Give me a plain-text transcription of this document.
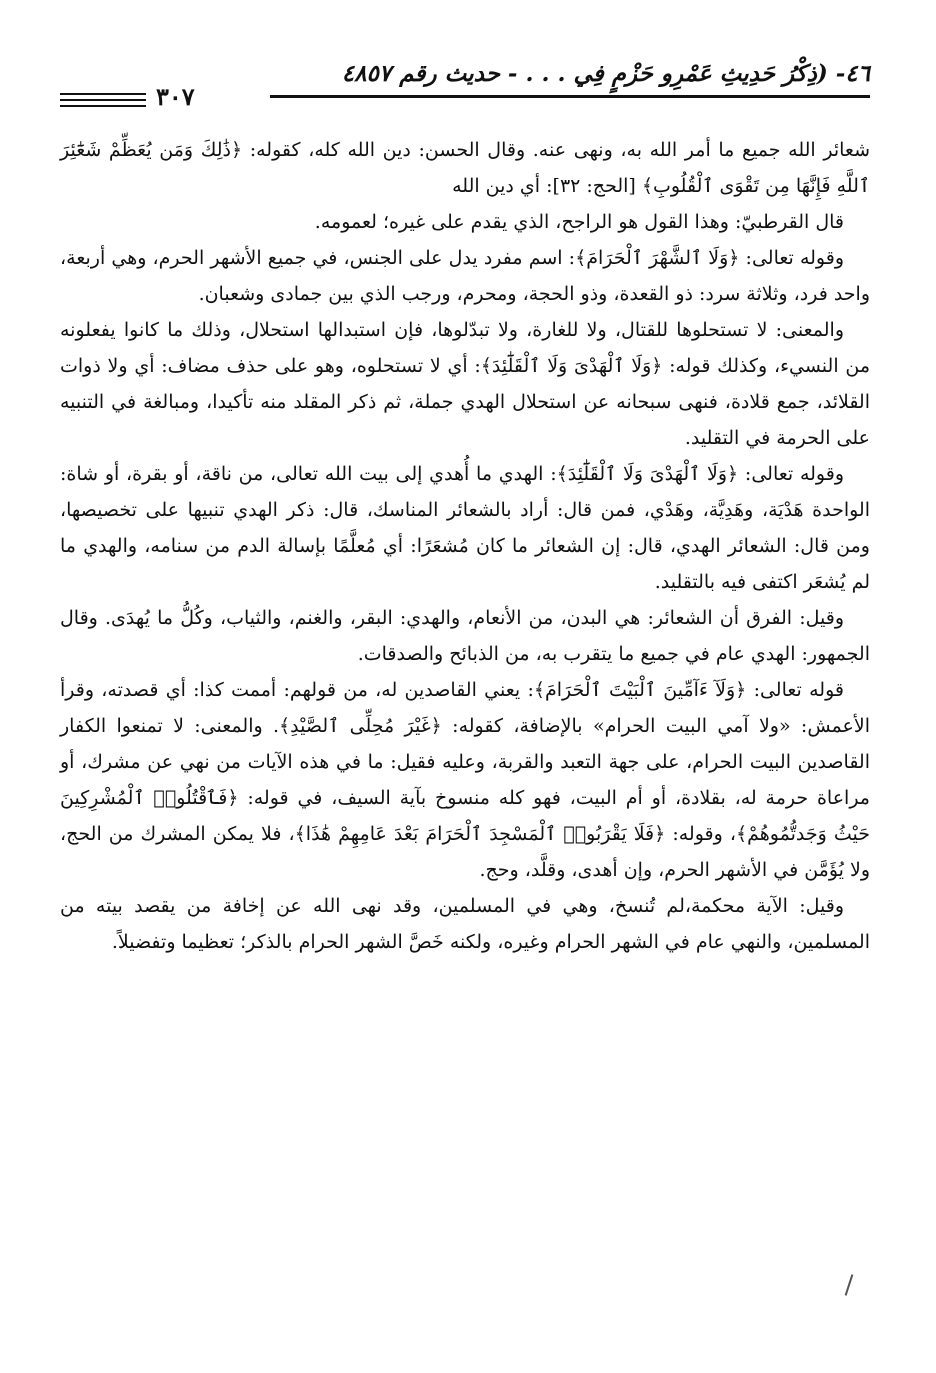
٤٦- (ذِكْرُ حَدِيثِ عَمْرِو حَزْمٍ فِي . . . - حديث رقم ٤٨٥٧
٣٠٧

شعائر الله جميع ما أمر الله به، ونهى عنه. وقال الحسن: دين الله كله، كقوله: ﴿ذَٰلِكَ وَمَن يُعَظِّمْ شَعَٰٓئِرَ ٱللَّهِ فَإِنَّهَا مِن تَقْوَى ٱلْقُلُوبِ﴾ [الحج: ٣٢]: أي دين الله

قال القرطبيّ: وهذا القول هو الراجح، الذي يقدم على غيره؛ لعمومه.

وقوله تعالى: ﴿وَلَا ٱلشَّهْرَ ٱلْحَرَامَ﴾: اسم مفرد يدل على الجنس، في جميع الأشهر الحرم، وهي أربعة، واحد فرد، وثلاثة سرد: ذو القعدة، وذو الحجة، ومحرم، ورجب الذي بين جمادى وشعبان.

والمعنى: لا تستحلوها للقتال، ولا للغارة، ولا تبدّلوها، فإن استبدالها استحلال، وذلك ما كانوا يفعلونه من النسيء، وكذلك قوله: ﴿وَلَا ٱلْهَدْىَ وَلَا ٱلْقَلَٰٓئِدَ﴾: أي لا تستحلوه، وهو على حذف مضاف: أي ولا ذوات القلائد، جمع قلادة، فنهى سبحانه عن استحلال الهدي جملة، ثم ذكر المقلد منه تأكيدا، ومبالغة في التنبيه على الحرمة في التقليد.

وقوله تعالى: ﴿وَلَا ٱلْهَدْىَ وَلَا ٱلْقَلَٰٓئِدَ﴾: الهدي ما أُهدي إلى بيت الله تعالى، من ناقة، أو بقرة، أو شاة: الواحدة هَدْيَة، وهَدِيَّة، وهَدْي، فمن قال: أراد بالشعائر المناسك، قال: ذكر الهدي تنبيها على تخصيصها، ومن قال: الشعائر الهدي، قال: إن الشعائر ما كان مُشعَرًا: أي مُعلَّمًا بإسالة الدم من سنامه، والهدي ما لم يُشعَر اكتفى فيه بالتقليد.

وقيل: الفرق أن الشعائر: هي البدن، من الأنعام، والهدي: البقر، والغنم، والثياب، وكُلُّ ما يُهدَى. وقال الجمهور: الهدي عام في جميع ما يتقرب به، من الذبائح والصدقات.

قوله تعالى: ﴿وَلَآ ءَآمِّينَ ٱلْبَيْتَ ٱلْحَرَامَ﴾: يعني القاصدين له، من قولهم: أممت كذا: أي قصدته، وقرأ الأعمش: «ولا آمي البيت الحرام» بالإضافة، كقوله: ﴿غَيْرَ مُحِلِّى ٱلصَّيْدِ﴾. والمعنى: لا تمنعوا الكفار القاصدين البيت الحرام، على جهة التعبد والقربة، وعليه فقيل: ما في هذه الآيات من نهي عن مشرك، أو مراعاة حرمة له، بقلادة، أو أم البيت، فهو كله منسوخ بآية السيف، في قوله: ﴿فَٱقْتُلُوا۟ ٱلْمُشْرِكِينَ حَيْثُ وَجَدتُّمُوهُمْ﴾، وقوله: ﴿فَلَا يَقْرَبُوا۟ ٱلْمَسْجِدَ ٱلْحَرَامَ بَعْدَ عَامِهِمْ هَٰذَا﴾، فلا يمكن المشرك من الحج، ولا يُؤَمَّن في الأشهر الحرم، وإن أهدى، وقلَّد، وحج.

وقيل: الآية محكمة،لم تُنسخ، وهي في المسلمين، وقد نهى الله عن إخافة من يقصد بيته من المسلمين، والنهي عام في الشهر الحرام وغيره، ولكنه خَصَّ الشهر الحرام بالذكر؛ تعظيما وتفضيلاً.
